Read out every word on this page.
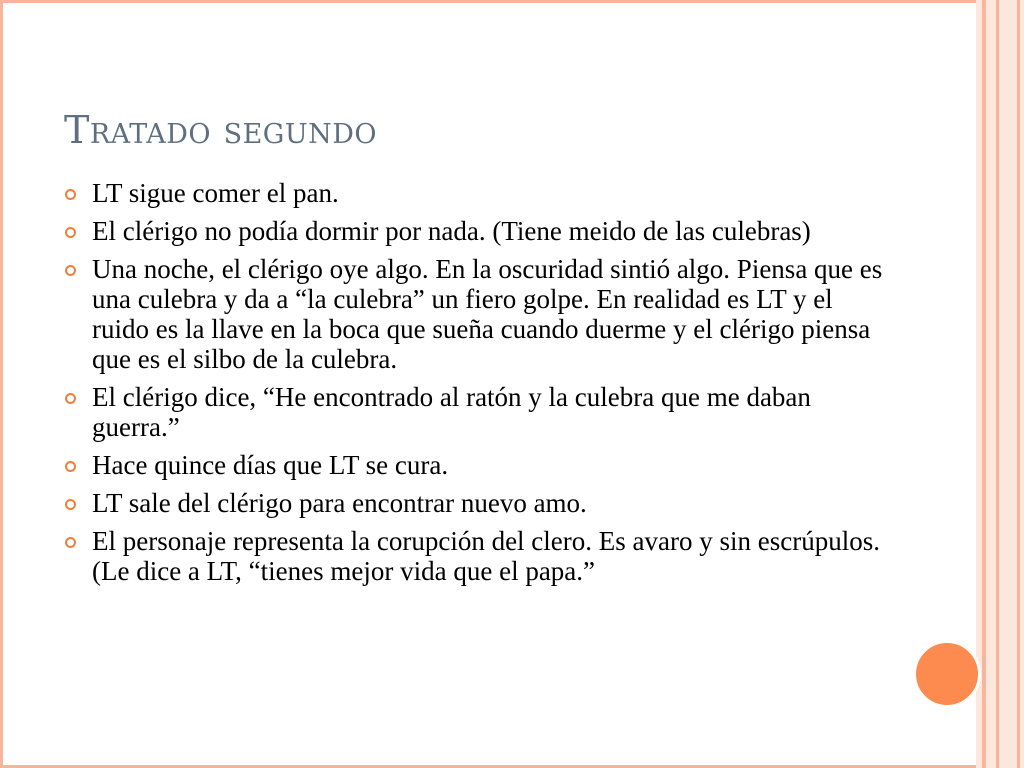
Tratado segundo
LT sigue comer el pan.
El clérigo no podía dormir por nada. (Tiene meido de las culebras)
Una noche, el clérigo oye algo. En la oscuridad sintió algo. Piensa que es una culebra y da a “la culebra” un fiero golpe. En realidad es LT y el ruido es la llave en la boca que sueña cuando duerme y el clérigo piensa que es el silbo de la culebra.
El clérigo dice, “He encontrado al ratón y la culebra que me daban guerra.”
Hace quince días que LT se cura.
LT sale del clérigo para encontrar nuevo amo.
El personaje representa la corupción del clero. Es avaro y sin escrúpulos. (Le dice a LT, “tienes mejor vida que el papa.”
